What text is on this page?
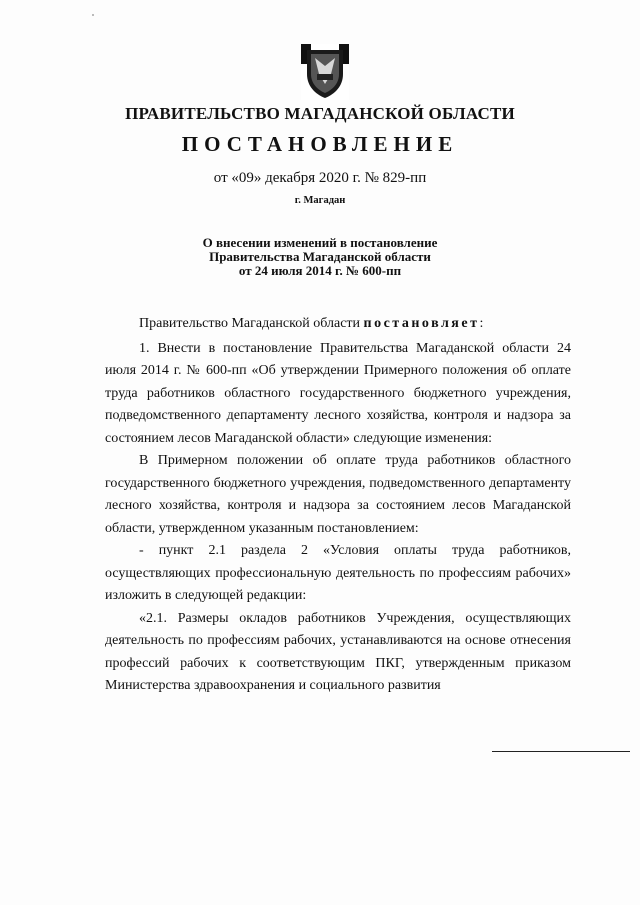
ПРАВИТЕЛЬСТВО МАГАДАНСКОЙ ОБЛАСТИ
ПОСТАНОВЛЕНИЕ
от «09» декабря 2020 г. № 829-пп
г. Магадан
О внесении изменений в постановление
Правительства Магаданской области
от 24 июля 2014 г. № 600-пп

Правительство Магаданской области постановляет:

1. Внести в постановление Правительства Магаданской области 24 июля 2014 г. № 600-пп «Об утверждении Примерного положения об оплате труда работников областного государственного бюджетного учреждения, подведомственного департаменту лесного хозяйства, контроля и надзора за состоянием лесов Магаданской области» следующие изменения:

В Примерном положении об оплате труда работников областного государственного бюджетного учреждения, подведомственного департаменту лесного хозяйства, контроля и надзора за состоянием лесов Магаданской области, утвержденном указанным постановлением:

- пункт 2.1 раздела 2 «Условия оплаты труда работников, осуществляющих профессиональную деятельность по профессиям рабочих» изложить в следующей редакции:

«2.1. Размеры окладов работников Учреждения, осуществляющих деятельность по профессиям рабочих, устанавливаются на основе отнесения профессий рабочих к соответствующим ПКГ, утвержденным приказом Министерства здравоохранения и социального развития
